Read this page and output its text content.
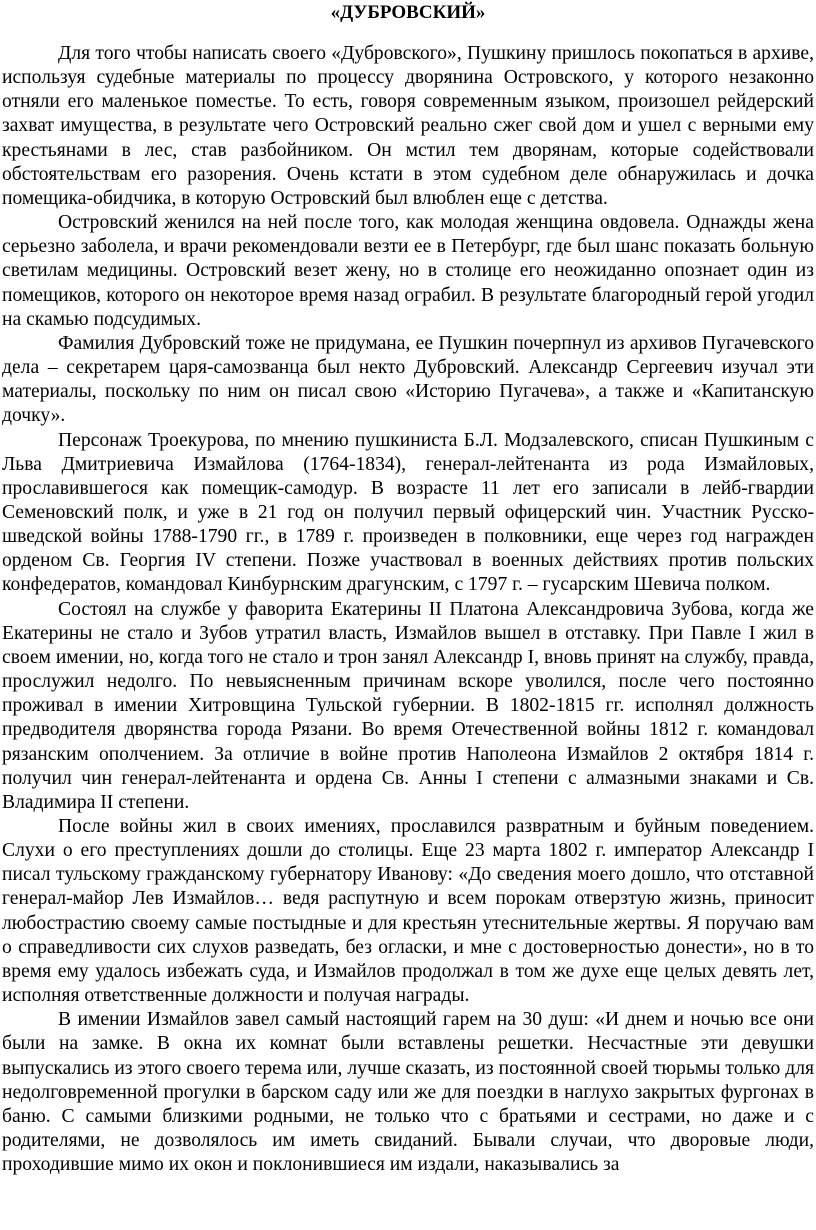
«ДУБРОВСКИЙ»

Для того чтобы написать своего «Дубровского», Пушкину пришлось покопаться в архиве, используя судебные материалы по процессу дворянина Островского, у которого незаконно отняли его маленькое поместье. То есть, говоря современным языком, произошел рейдерский захват имущества, в результате чего Островский реально сжег свой дом и ушел с верными ему крестьянами в лес, став разбойником. Он мстил тем дворянам, которые содействовали обстоятельствам его разорения. Очень кстати в этом судебном деле обнаружилась и дочка помещика-обидчика, в которую Островский был влюблен еще с детства.

Островский женился на ней после того, как молодая женщина овдовела. Однажды жена серьезно заболела, и врачи рекомендовали везти ее в Петербург, где был шанс показать больную светилам медицины. Островский везет жену, но в столице его неожиданно опознает один из помещиков, которого он некоторое время назад ограбил. В результате благородный герой угодил на скамью подсудимых.

Фамилия Дубровский тоже не придумана, ее Пушкин почерпнул из архивов Пугачевского дела – секретарем царя-самозванца был некто Дубровский. Александр Сергеевич изучал эти материалы, поскольку по ним он писал свою «Историю Пугачева», а также и «Капитанскую дочку».

Персонаж Троекурова, по мнению пушкиниста Б.Л. Модзалевского, списан Пушкиным с Льва Дмитриевича Измайлова (1764-1834), генерал-лейтенанта из рода Измайловых, прославившегося как помещик-самодур. В возрасте 11 лет его записали в лейб-гвардии Семеновский полк, и уже в 21 год он получил первый офицерский чин. Участник Русско-шведской войны 1788-1790 гг., в 1789 г. произведен в полковники, еще через год награжден орденом Св. Георгия IV степени. Позже участвовал в военных действиях против польских конфедератов, командовал Кинбурнским драгунским, с 1797 г. – гусарским Шевича полком.

Состоял на службе у фаворита Екатерины II Платона Александровича Зубова, когда же Екатерины не стало и Зубов утратил власть, Измайлов вышел в отставку. При Павле I жил в своем имении, но, когда того не стало и трон занял Александр I, вновь принят на службу, правда, прослужил недолго. По невыясненным причинам вскоре уволился, после чего постоянно проживал в имении Хитровщина Тульской губернии. В 1802-1815 гг. исполнял должность предводителя дворянства города Рязани. Во время Отечественной войны 1812 г. командовал рязанским ополчением. За отличие в войне против Наполеона Измайлов 2 октября 1814 г. получил чин генерал-лейтенанта и ордена Св. Анны I степени с алмазными знаками и Св. Владимира II степени.

После войны жил в своих имениях, прославился развратным и буйным поведением. Слухи о его преступлениях дошли до столицы. Еще 23 марта 1802 г. император Александр I писал тульскому гражданскому губернатору Иванову: «До сведения моего дошло, что отставной генерал-майор Лев Измайлов… ведя распутную и всем порокам отверзтую жизнь, приносит любострастию своему самые постыдные и для крестьян утеснительные жертвы. Я поручаю вам о справедливости сих слухов разведать, без огласки, и мне с достоверностью донести», но в то время ему удалось избежать суда, и Измайлов продолжал в том же духе еще целых девять лет, исполняя ответственные должности и получая награды.

В имении Измайлов завел самый настоящий гарем на 30 душ: «И днем и ночью все они были на замке. В окна их комнат были вставлены решетки. Несчастные эти девушки выпускались из этого своего терема или, лучше сказать, из постоянной своей тюрьмы только для недолговременной прогулки в барском саду или же для поездки в наглухо закрытых фургонах в баню. С самыми близкими родными, не только что с братьями и сестрами, но даже и с родителями, не дозволялось им иметь свиданий. Бывали случаи, что дворовые люди, проходившие мимо их окон и поклонившиеся им издали, наказывались за
